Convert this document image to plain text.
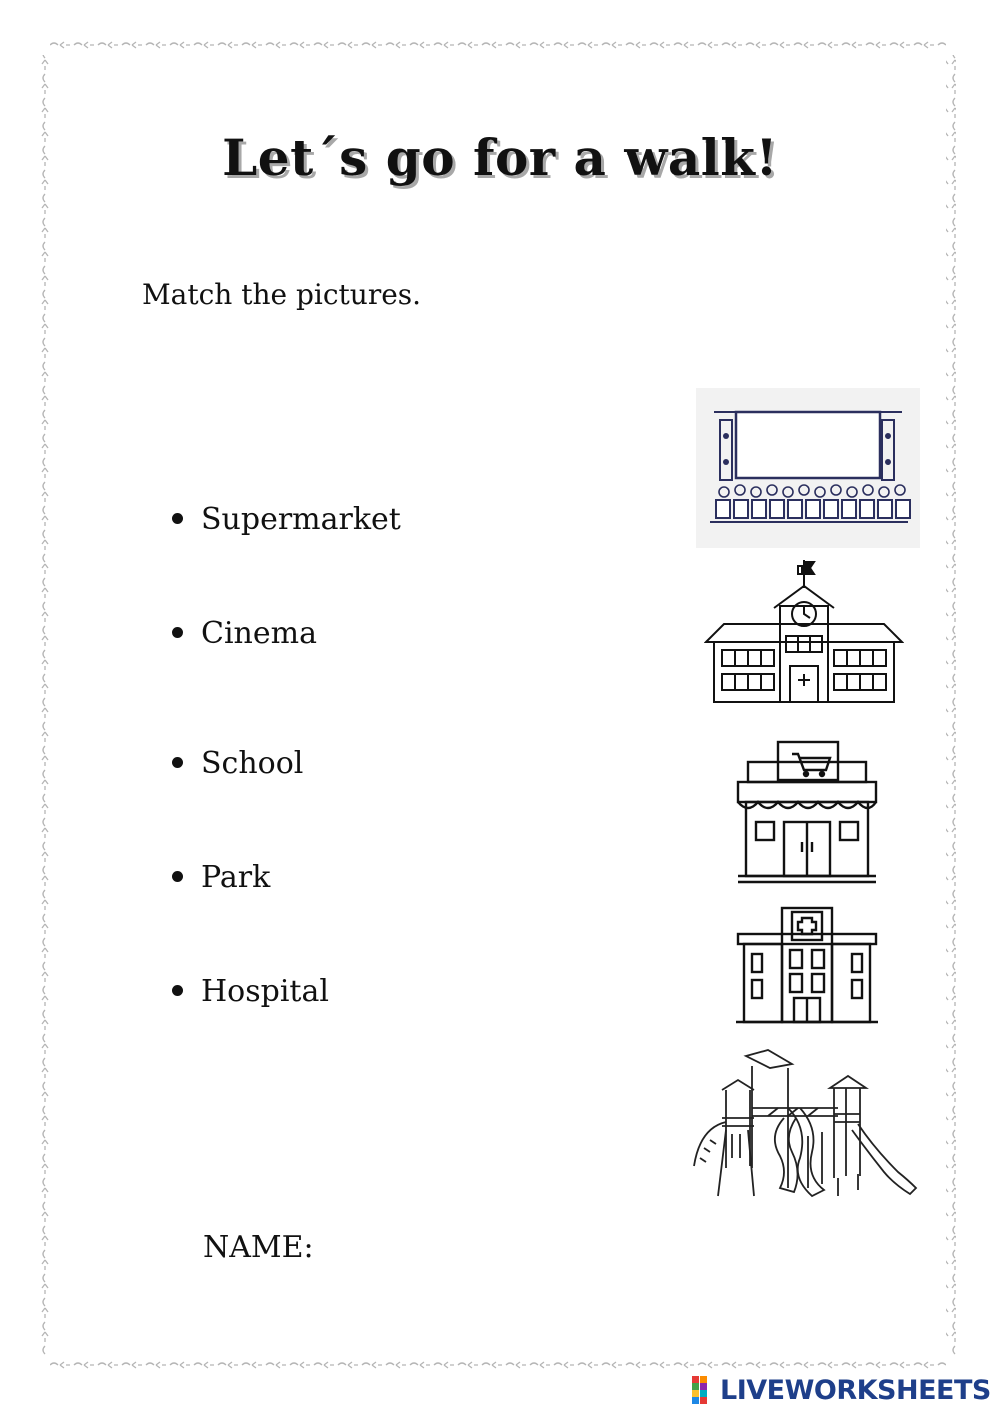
Let´s go for a walk!
Match the pictures.
Supermarket
Cinema
School
Park
Hospital
NAME:
LIVEWORKSHEETS
